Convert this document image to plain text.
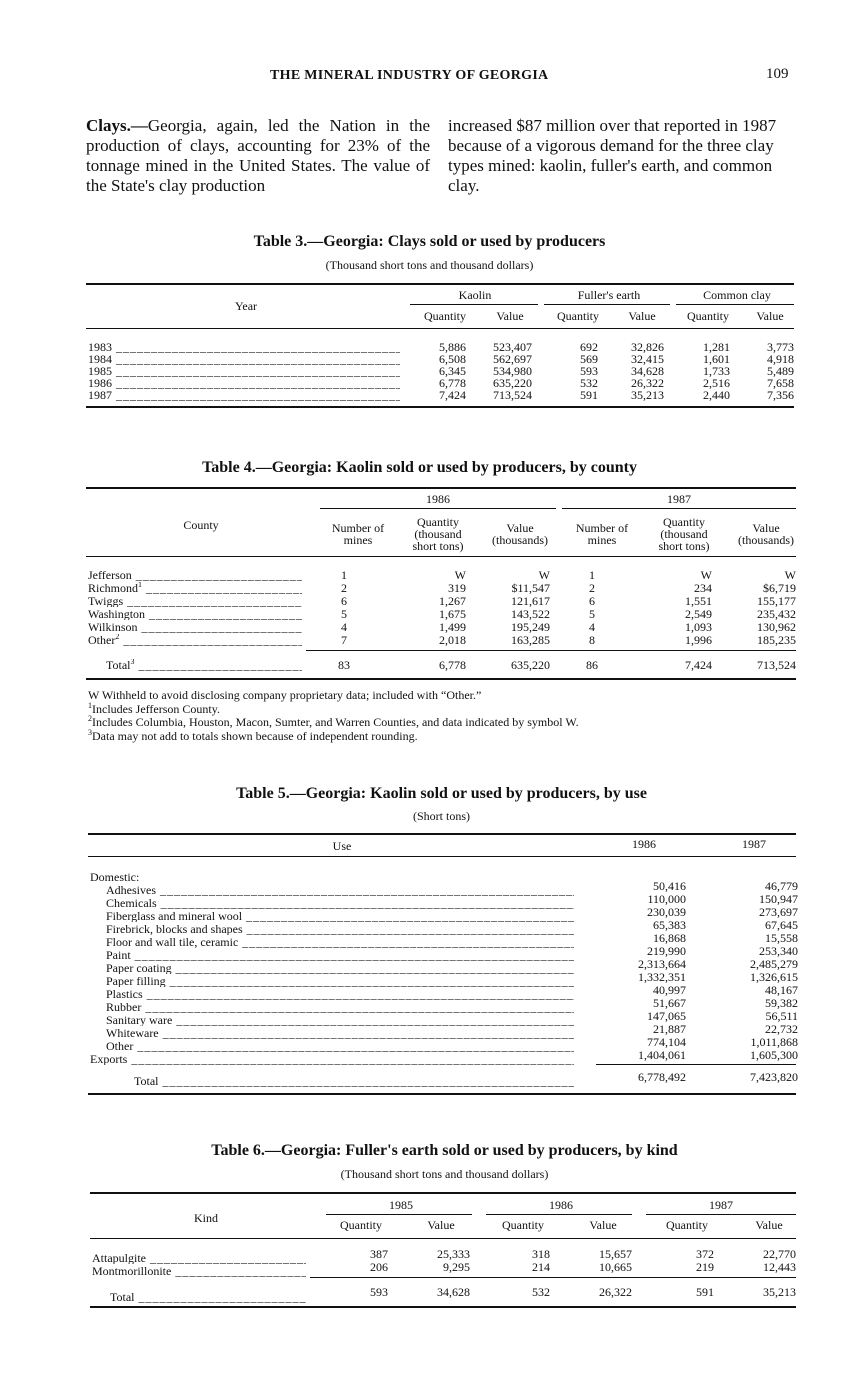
THE MINERAL INDUSTRY OF GEORGIA	109
Clays.—Georgia, again, led the Nation in the production of clays, accounting for 23% of the tonnage mined in the United States. The value of the State's clay production
increased $87 million over that reported in 1987 because of a vigorous demand for the three clay types mined: kaolin, fuller's earth, and common clay.
Table 3.—Georgia: Clays sold or used by producers
(Thousand short tons and thousand dollars)
Year
Kaolin	Fuller's earth	Common clay
Quantity	Value	Quantity	Value	Quantity	Value
1983 _____	5,886	523,407	692	32,826	1,281	3,773
1984 _____	6,508	562,697	569	32,415	1,601	4,918
1985 _____	6,345	534,980	593	34,628	1,733	5,489
1986 _____	6,778	635,220	532	26,322	2,516	7,658
1987 _____	7,424	713,524	591	35,213	2,440	7,356
Table 4.—Georgia: Kaolin sold or used by producers, by county
County
1986	1987
Number of
mines
Quantity
(thousand
short tons)
Value
(thousands)
Number of
mines
Quantity
(thousand
short tons)
Value
(thousands)
Jefferson _____	1	W	W	1	W	W
Richmond$^1$ _____	2	319	$11,547	2	234	$6,719
Twiggs _____	6	1,267	121,617	6	1,551	155,177
Washington _____	5	1,675	143,522	5	2,549	235,432
Wilkinson _____	4	1,499	195,249	4	1,093	130,962
Other$^2$ _____	7	2,018	163,285	8	1,996	185,235
Total$^3$ _____	83	6,778	635,220	86	7,424	713,524
W Withheld to avoid disclosing company proprietary data; included with “Other.”
$^1$Includes Jefferson County.
$^2$Includes Columbia, Houston, Macon, Sumter, and Warren Counties, and data indicated by symbol W.
$^3$Data may not add to totals shown because of independent rounding.
Table 5.—Georgia: Kaolin sold or used by producers, by use
(Short tons)
Use	1986	1987
Domestic:
Adhesives _____	50,416	46,779
Chemicals _____	110,000	150,947
Fiberglass and mineral wool _____	230,039	273,697
Firebrick, blocks and shapes _____	65,383	67,645
Floor and wall tile, ceramic _____	16,868	15,558
Paint _____	219,990	253,340
Paper coating _____	2,313,664	2,485,279
Paper filling _____	1,332,351	1,326,615
Plastics _____	40,997	48,167
Rubber _____	51,667	59,382
Sanitary ware _____	147,065	56,511
Whiteware _____	21,887	22,732
Other _____	774,104	1,011,868
Exports _____	1,404,061	1,605,300
Total _____	6,778,492	7,423,820
Table 6.—Georgia: Fuller's earth sold or used by producers, by kind
(Thousand short tons and thousand dollars)
Kind
1985	1986	1987
Quantity	Value	Quantity	Value	Quantity	Value
Attapulgite _____	387	25,333	318	15,657	372	22,770
Montmorillonite _____	206	9,295	214	10,665	219	12,443
Total _____	593	34,628	532	26,322	591	35,213
